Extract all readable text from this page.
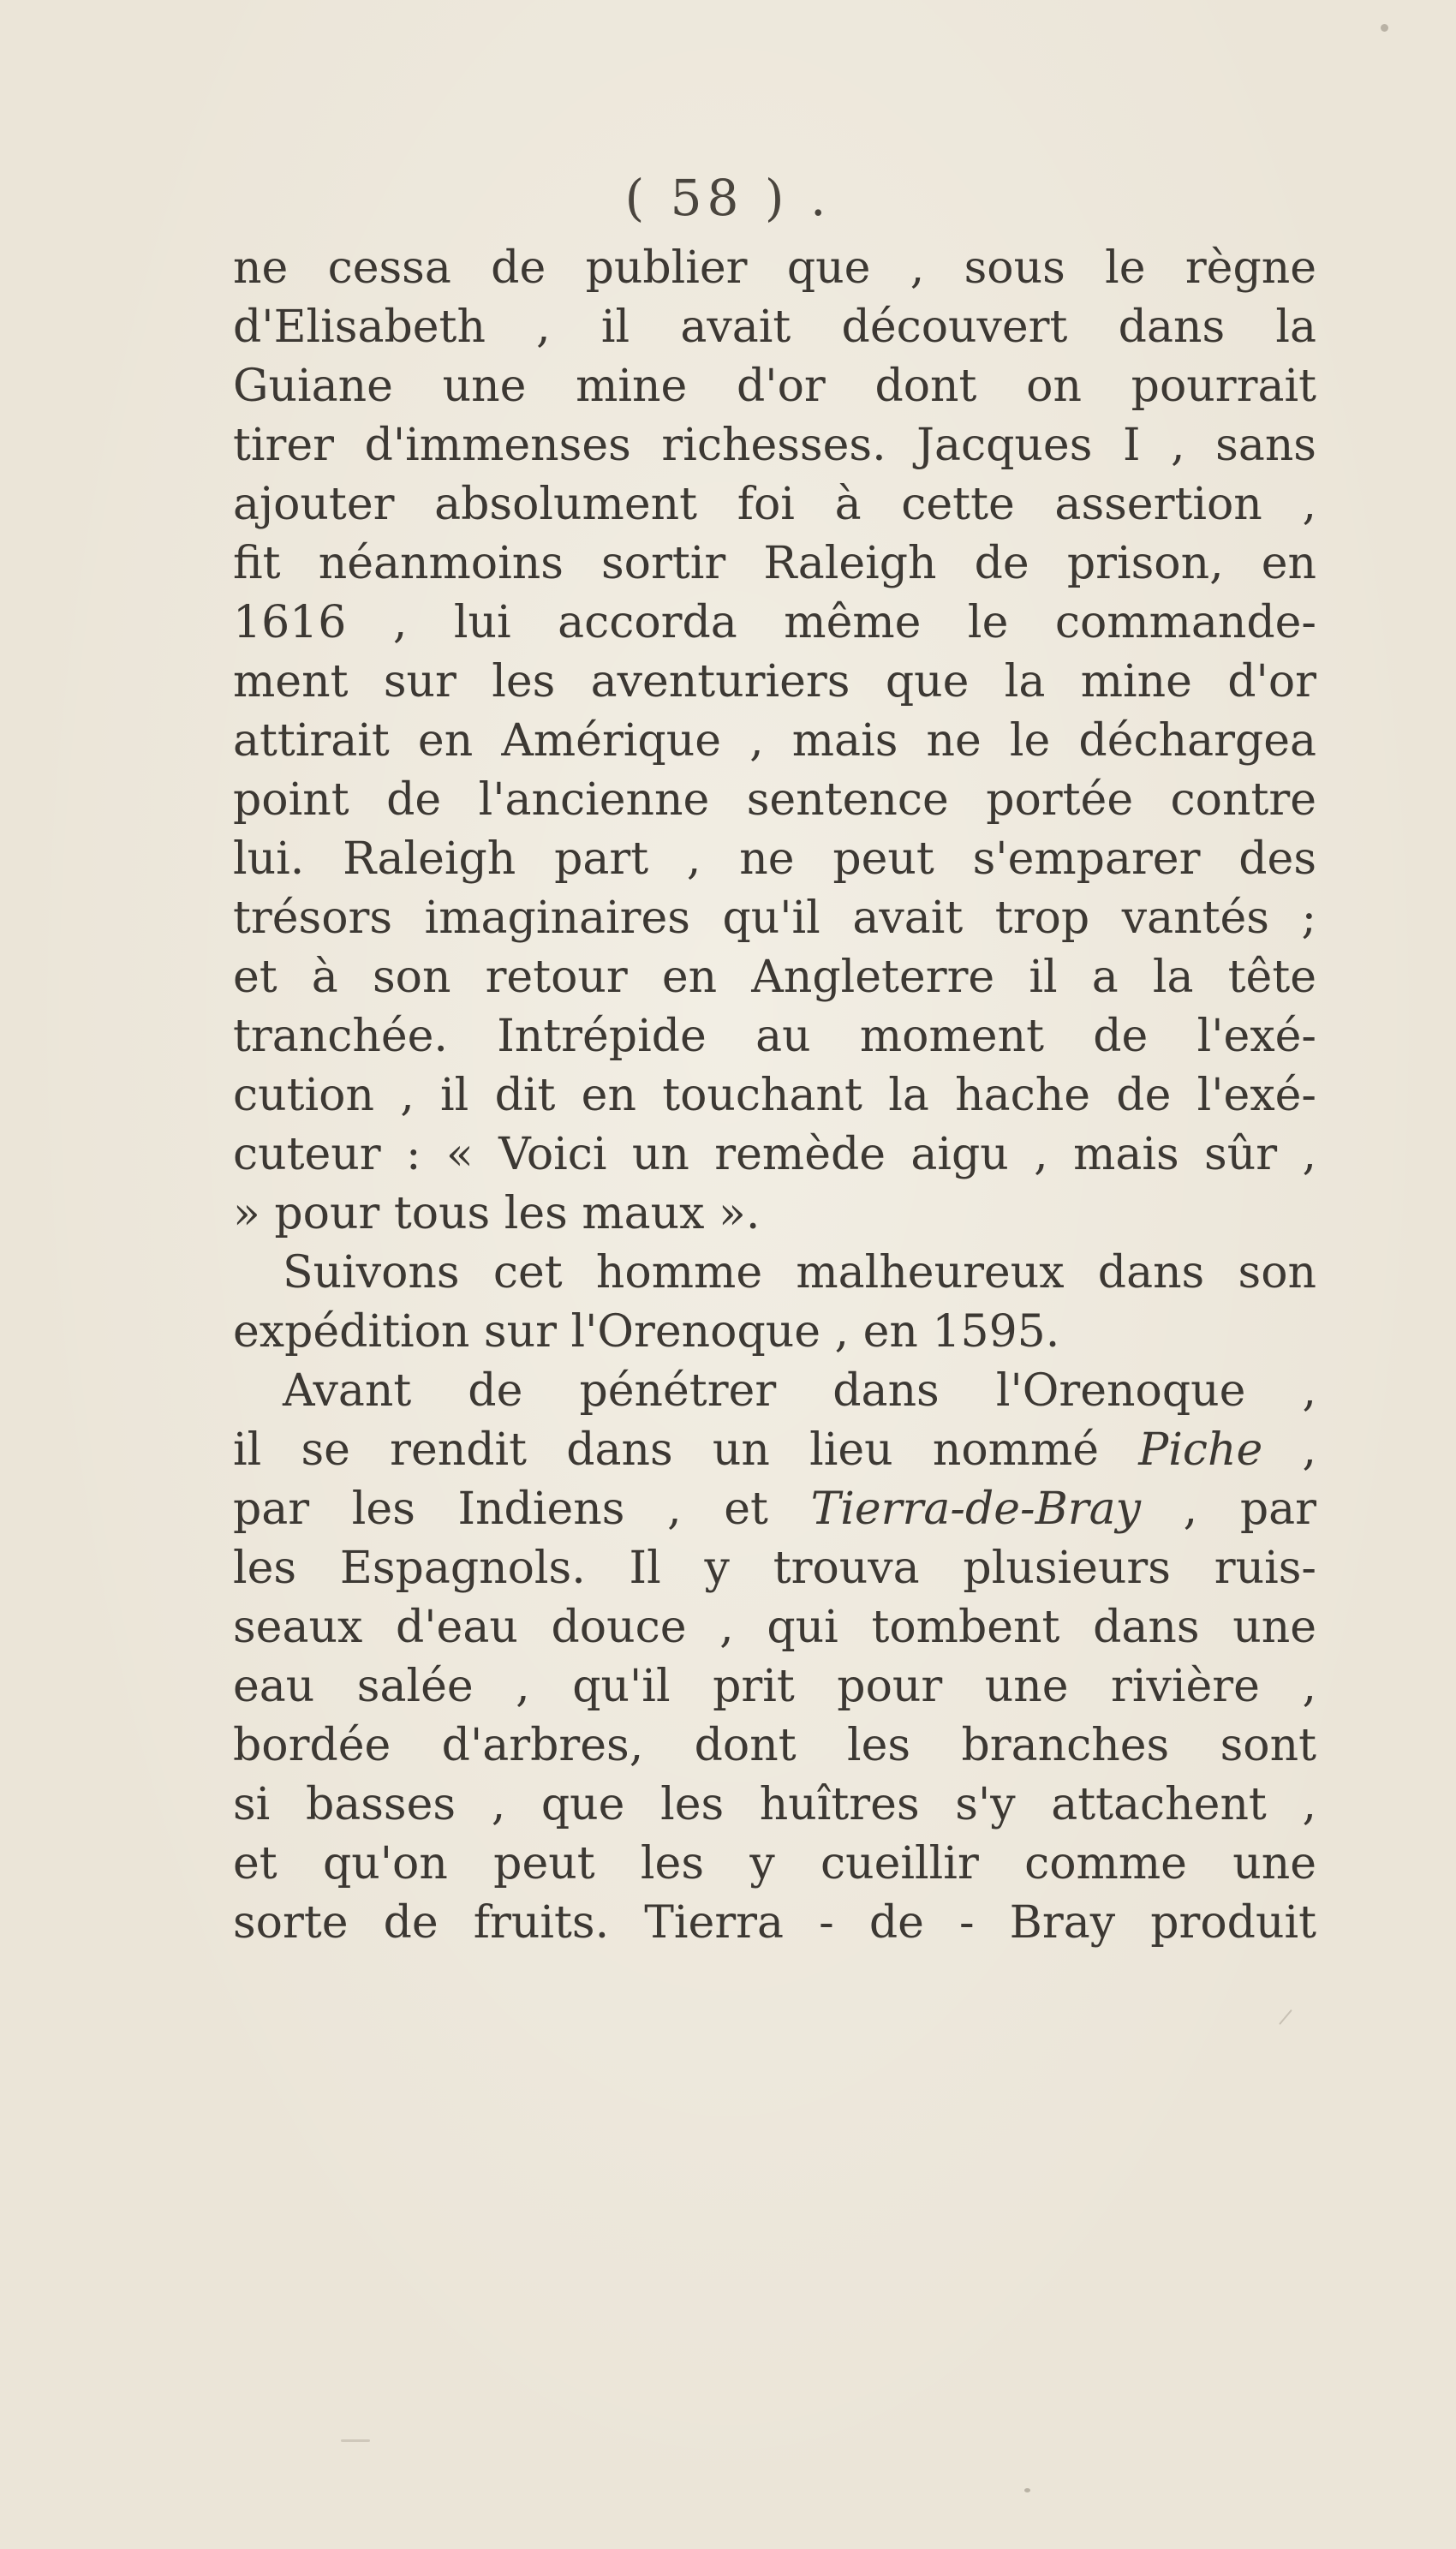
( 58 ) .
ne cessa de publier que , sous le règne
d'Elisabeth , il avait découvert dans la
Guiane une mine d'or dont on pourrait
tirer d'immenses richesses. Jacques I , sans
ajouter absolument foi à cette assertion ,
fit néanmoins sortir Raleigh de prison, en
1616 , lui accorda même le commande-
ment sur les aventuriers que la mine d'or
attirait en Amérique , mais ne le déchargea
point de l'ancienne sentence portée contre
lui. Raleigh part , ne peut s'emparer des
trésors imaginaires qu'il avait trop vantés ;
et à son retour en Angleterre il a la tête
tranchée. Intrépide au moment de l'exé-
cution , il dit en touchant la hache de l'exé-
cuteur : « Voici un remède aigu , mais sûr ,
» pour tous les maux ».
Suivons cet homme malheureux dans son
expédition sur l'Orenoque , en 1595.
Avant de pénétrer dans l'Orenoque ,
il se rendit dans un lieu nommé Piche ,
par les Indiens , et Tierra-de-Bray , par
les Espagnols. Il y trouva plusieurs ruis-
seaux d'eau douce , qui tombent dans une
eau salée , qu'il prit pour une rivière ,
bordée d'arbres, dont les branches sont
si basses , que les huîtres s'y attachent ,
et qu'on peut les y cueillir comme une
sorte de fruits. Tierra - de - Bray produit
